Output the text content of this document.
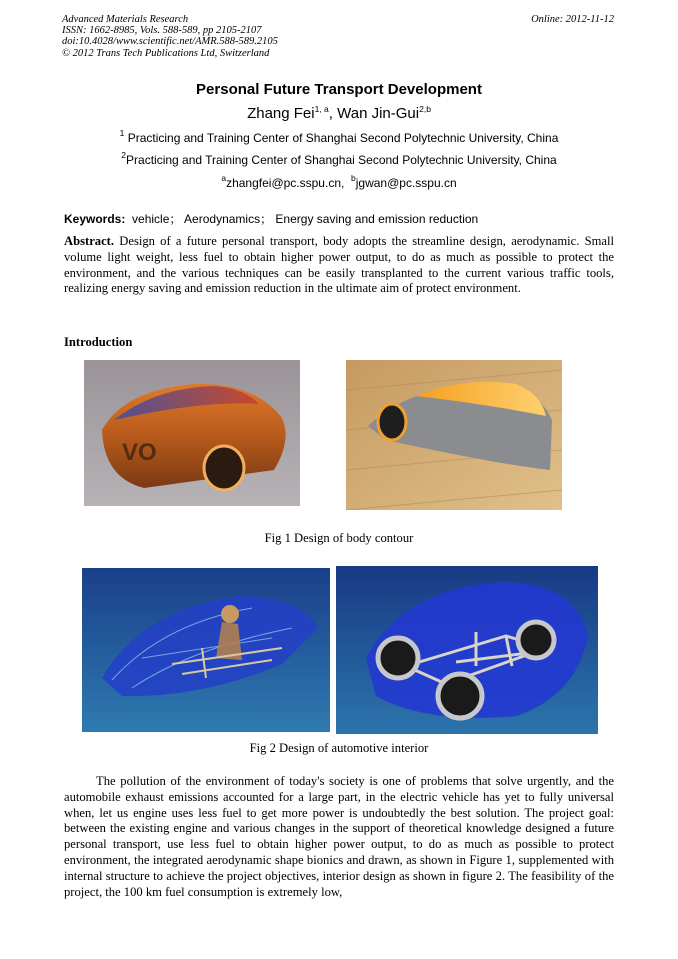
Advanced Materials Research
ISSN: 1662-8985, Vols. 588-589, pp 2105-2107
doi:10.4028/www.scientific.net/AMR.588-589.2105
© 2012 Trans Tech Publications Ltd, Switzerland
Online: 2012-11-12
Personal Future Transport Development
Zhang Fei$^{1, a}$, Wan Jin-Gui$^{2,b}$
$^1$ Practicing and Training Center of Shanghai Second Polytechnic University, China
$^2$Practicing and Training Center of Shanghai Second Polytechnic University, China
$^a$zhangfei@pc.sspu.cn, $^b$jgwan@pc.sspu.cn
Keywords: vehicle； Aerodynamics； Energy saving and emission reduction

Abstract. Design of a future personal transport, body adopts the streamline design, aerodynamic. Small volume light weight, less fuel to obtain higher power output, to do as much as possible to protect the environment, and the various techniques can be easily transplanted to the current various traffic tools, realizing energy saving and emission reduction in the ultimate aim of protect environment.

Introduction
VO
Fig 1 Design of body contour
Fig 2 Design of automotive interior

The pollution of the environment of today's society is one of problems that solve urgently, and the automobile exhaust emissions accounted for a large part, in the electric vehicle has yet to fully universal when, let us engine uses less fuel to get more power is undoubtedly the best solution. The project goal: between the existing engine and various changes in the support of theoretical knowledge designed a future personal transport, use less fuel to obtain higher power output, to do as much as possible to protect environment, the integrated aerodynamic shape bionics and drawn, as shown in Figure 1, supplemented with internal structure to achieve the project objectives, interior design as shown in figure 2. The feasibility of the project, the 100 km fuel consumption is extremely low,
